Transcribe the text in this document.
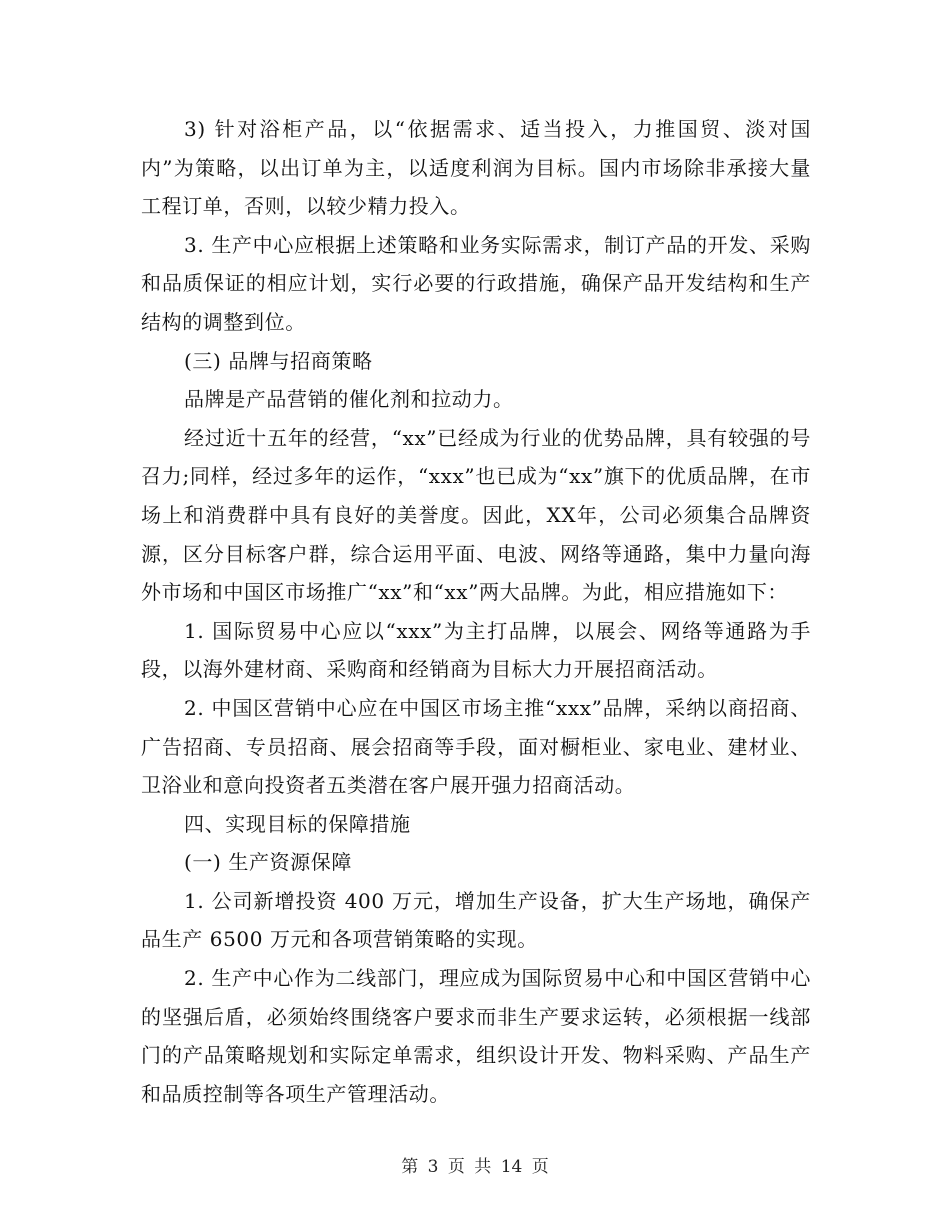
3) 针对浴柜产品，以“依据需求、适当投入，力推国贸、淡对国内”为策略，以出订单为主，以适度利润为目标。国内市场除非承接大量工程订单，否则，以较少精力投入。

3. 生产中心应根据上述策略和业务实际需求，制订产品的开发、采购和品质保证的相应计划，实行必要的行政措施，确保产品开发结构和生产结构的调整到位。

(三) 品牌与招商策略

品牌是产品营销的催化剂和拉动力。

经过近十五年的经营，“xx”已经成为行业的优势品牌，具有较强的号召力;同样，经过多年的运作，“xxx”也已成为“xx”旗下的优质品牌，在市场上和消费群中具有良好的美誉度。因此，XX年，公司必须集合品牌资源，区分目标客户群，综合运用平面、电波、网络等通路，集中力量向海外市场和中国区市场推广“xx”和“xx”两大品牌。为此，相应措施如下：

1. 国际贸易中心应以“xxx”为主打品牌，以展会、网络等通路为手段，以海外建材商、采购商和经销商为目标大力开展招商活动。

2. 中国区营销中心应在中国区市场主推“xxx”品牌，采纳以商招商、广告招商、专员招商、展会招商等手段，面对橱柜业、家电业、建材业、卫浴业和意向投资者五类潜在客户展开强力招商活动。

四、实现目标的保障措施

(一) 生产资源保障

1. 公司新增投资 400 万元，增加生产设备，扩大生产场地，确保产品生产 6500 万元和各项营销策略的实现。

2. 生产中心作为二线部门，理应成为国际贸易中心和中国区营销中心的坚强后盾，必须始终围绕客户要求而非生产要求运转，必须根据一线部门的产品策略规划和实际定单需求，组织设计开发、物料采购、产品生产和品质控制等各项生产管理活动。

第 3 页 共 14 页
